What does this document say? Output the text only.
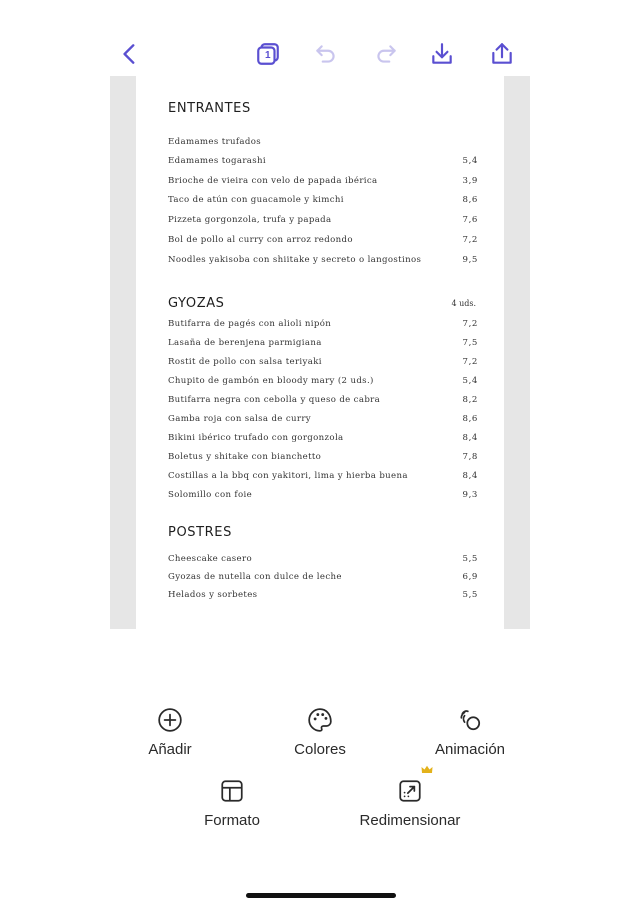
1
ENTRANTES
Edamames trufados
Edamames togarashi	5,4
Brioche de vieira con velo de papada ibérica	3,9
Taco de atún con guacamole y kimchi	8,6
Pizzeta gorgonzola, trufa y papada	7,6
Bol de pollo al curry con arroz redondo	7,2
Noodles yakisoba con shiitake y secreto o langostinos	9,5
GYOZAS	4 uds.
Butifarra de pagés con alioli nipón	7,2
Lasaña de berenjena parmigiana	7,5
Rostit de pollo con salsa teriyaki	7,2
Chupito de gambón en bloody mary (2 uds.)	5,4
Butifarra negra con cebolla y queso de cabra	8,2
Gamba roja con salsa de curry	8,6
Bikini ibérico trufado con gorgonzola	8,4
Boletus y shitake con bianchetto	7,8
Costillas a la bbq con yakitori, lima y hierba buena	8,4
Solomillo con foie	9,3
POSTRES
Cheescake casero	5,5
Gyozas de nutella con dulce de leche	6,9
Helados y sorbetes	5,5
Añadir	Colores	Animación
Formato	Redimensionar
